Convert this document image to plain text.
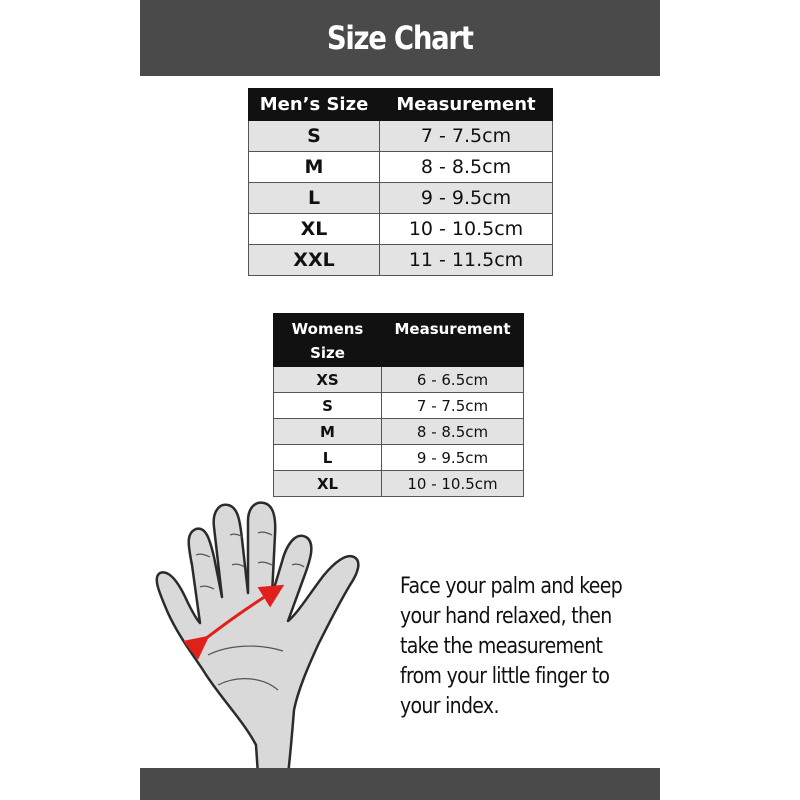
Size Chart
Men’s Size	Measurement
S	7 - 7.5cm
M	8 - 8.5cm
L	9 - 9.5cm
XL	10 - 10.5cm
XXL	11 - 11.5cm
Womens Size	Measurement
XS	6 - 6.5cm
S	7 - 7.5cm
M	8 - 8.5cm
L	9 - 9.5cm
XL	10 - 10.5cm
Face your palm and keep
your hand relaxed, then
take the measurement
from your little finger to
your index.
